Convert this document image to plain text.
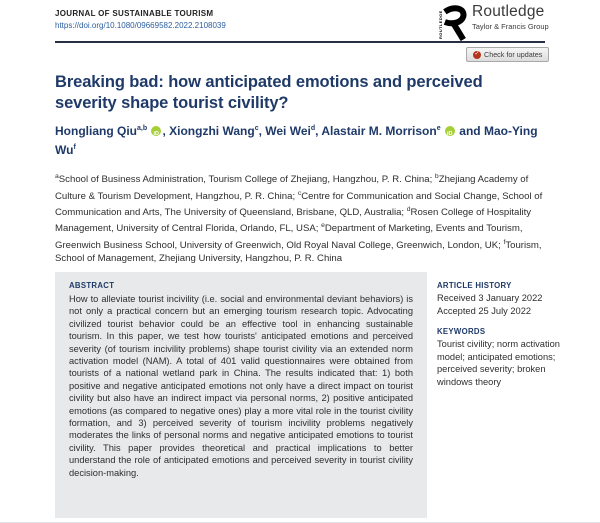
JOURNAL OF SUSTAINABLE TOURISM
https://doi.org/10.1080/09669582.2022.2108039	ROUTLEDGE Routledge
Taylor & Francis Group
✓
Check for updates
Breaking bad: how anticipated emotions and perceived severity shape tourist civility?
Hongliang Qiu$^{a,b}$ iD , Xiongzhi Wang$^c$, Wei Wei$^d$, Alastair M. Morrison$^e$ iD and Mao-Ying Wu$^f$

$^a$School of Business Administration, Tourism College of Zhejiang, Hangzhou, P. R. China; $^b$Zhejiang Academy of Culture & Tourism Development, Hangzhou, P. R. China; $^c$Centre for Communication and Social Change, School of Communication and Arts, The University of Queensland, Brisbane, QLD, Australia; $^d$Rosen College of Hospitality Management, University of Central Florida, Orlando, FL, USA; $^e$Department of Marketing, Events and Tourism, Greenwich Business School, University of Greenwich, Old Royal Naval College, Greenwich, London, UK; $^f$Tourism, School of Management, Zhejiang University, Hangzhou, P. R. China

ABSTRACT

How to alleviate tourist incivility (i.e. social and environmental deviant behaviors) is not only a practical concern but an emerging tourism research topic. Advocating civilized tourist behavior could be an effective tool in enhancing sustainable tourism. In this paper, we test how tourists' anticipated emotions and perceived severity (of tourism incivility problems) shape tourist civility via an extended norm activation model (NAM). A total of 401 valid questionnaires were obtained from tourists of a national wetland park in China. The results indicated that: 1) both positive and negative anticipated emotions not only have a direct impact on tourist civility but also have an indirect impact via personal norms, 2) positive anticipated emotions (as compared to negative ones) play a more vital role in the tourist civility formation, and 3) perceived severity of tourism incivility problems negatively moderates the links of personal norms and negative anticipated emotions to tourist civility. This paper provides theoretical and practical implications to better understand the role of anticipated emotions and perceived severity in tourist civility decision-making.

ARTICLE HISTORY
Received 3 January 2022
Accepted 25 July 2022
KEYWORDS
Tourist civility; norm activation model; anticipated emotions; perceived severity; broken windows theory
